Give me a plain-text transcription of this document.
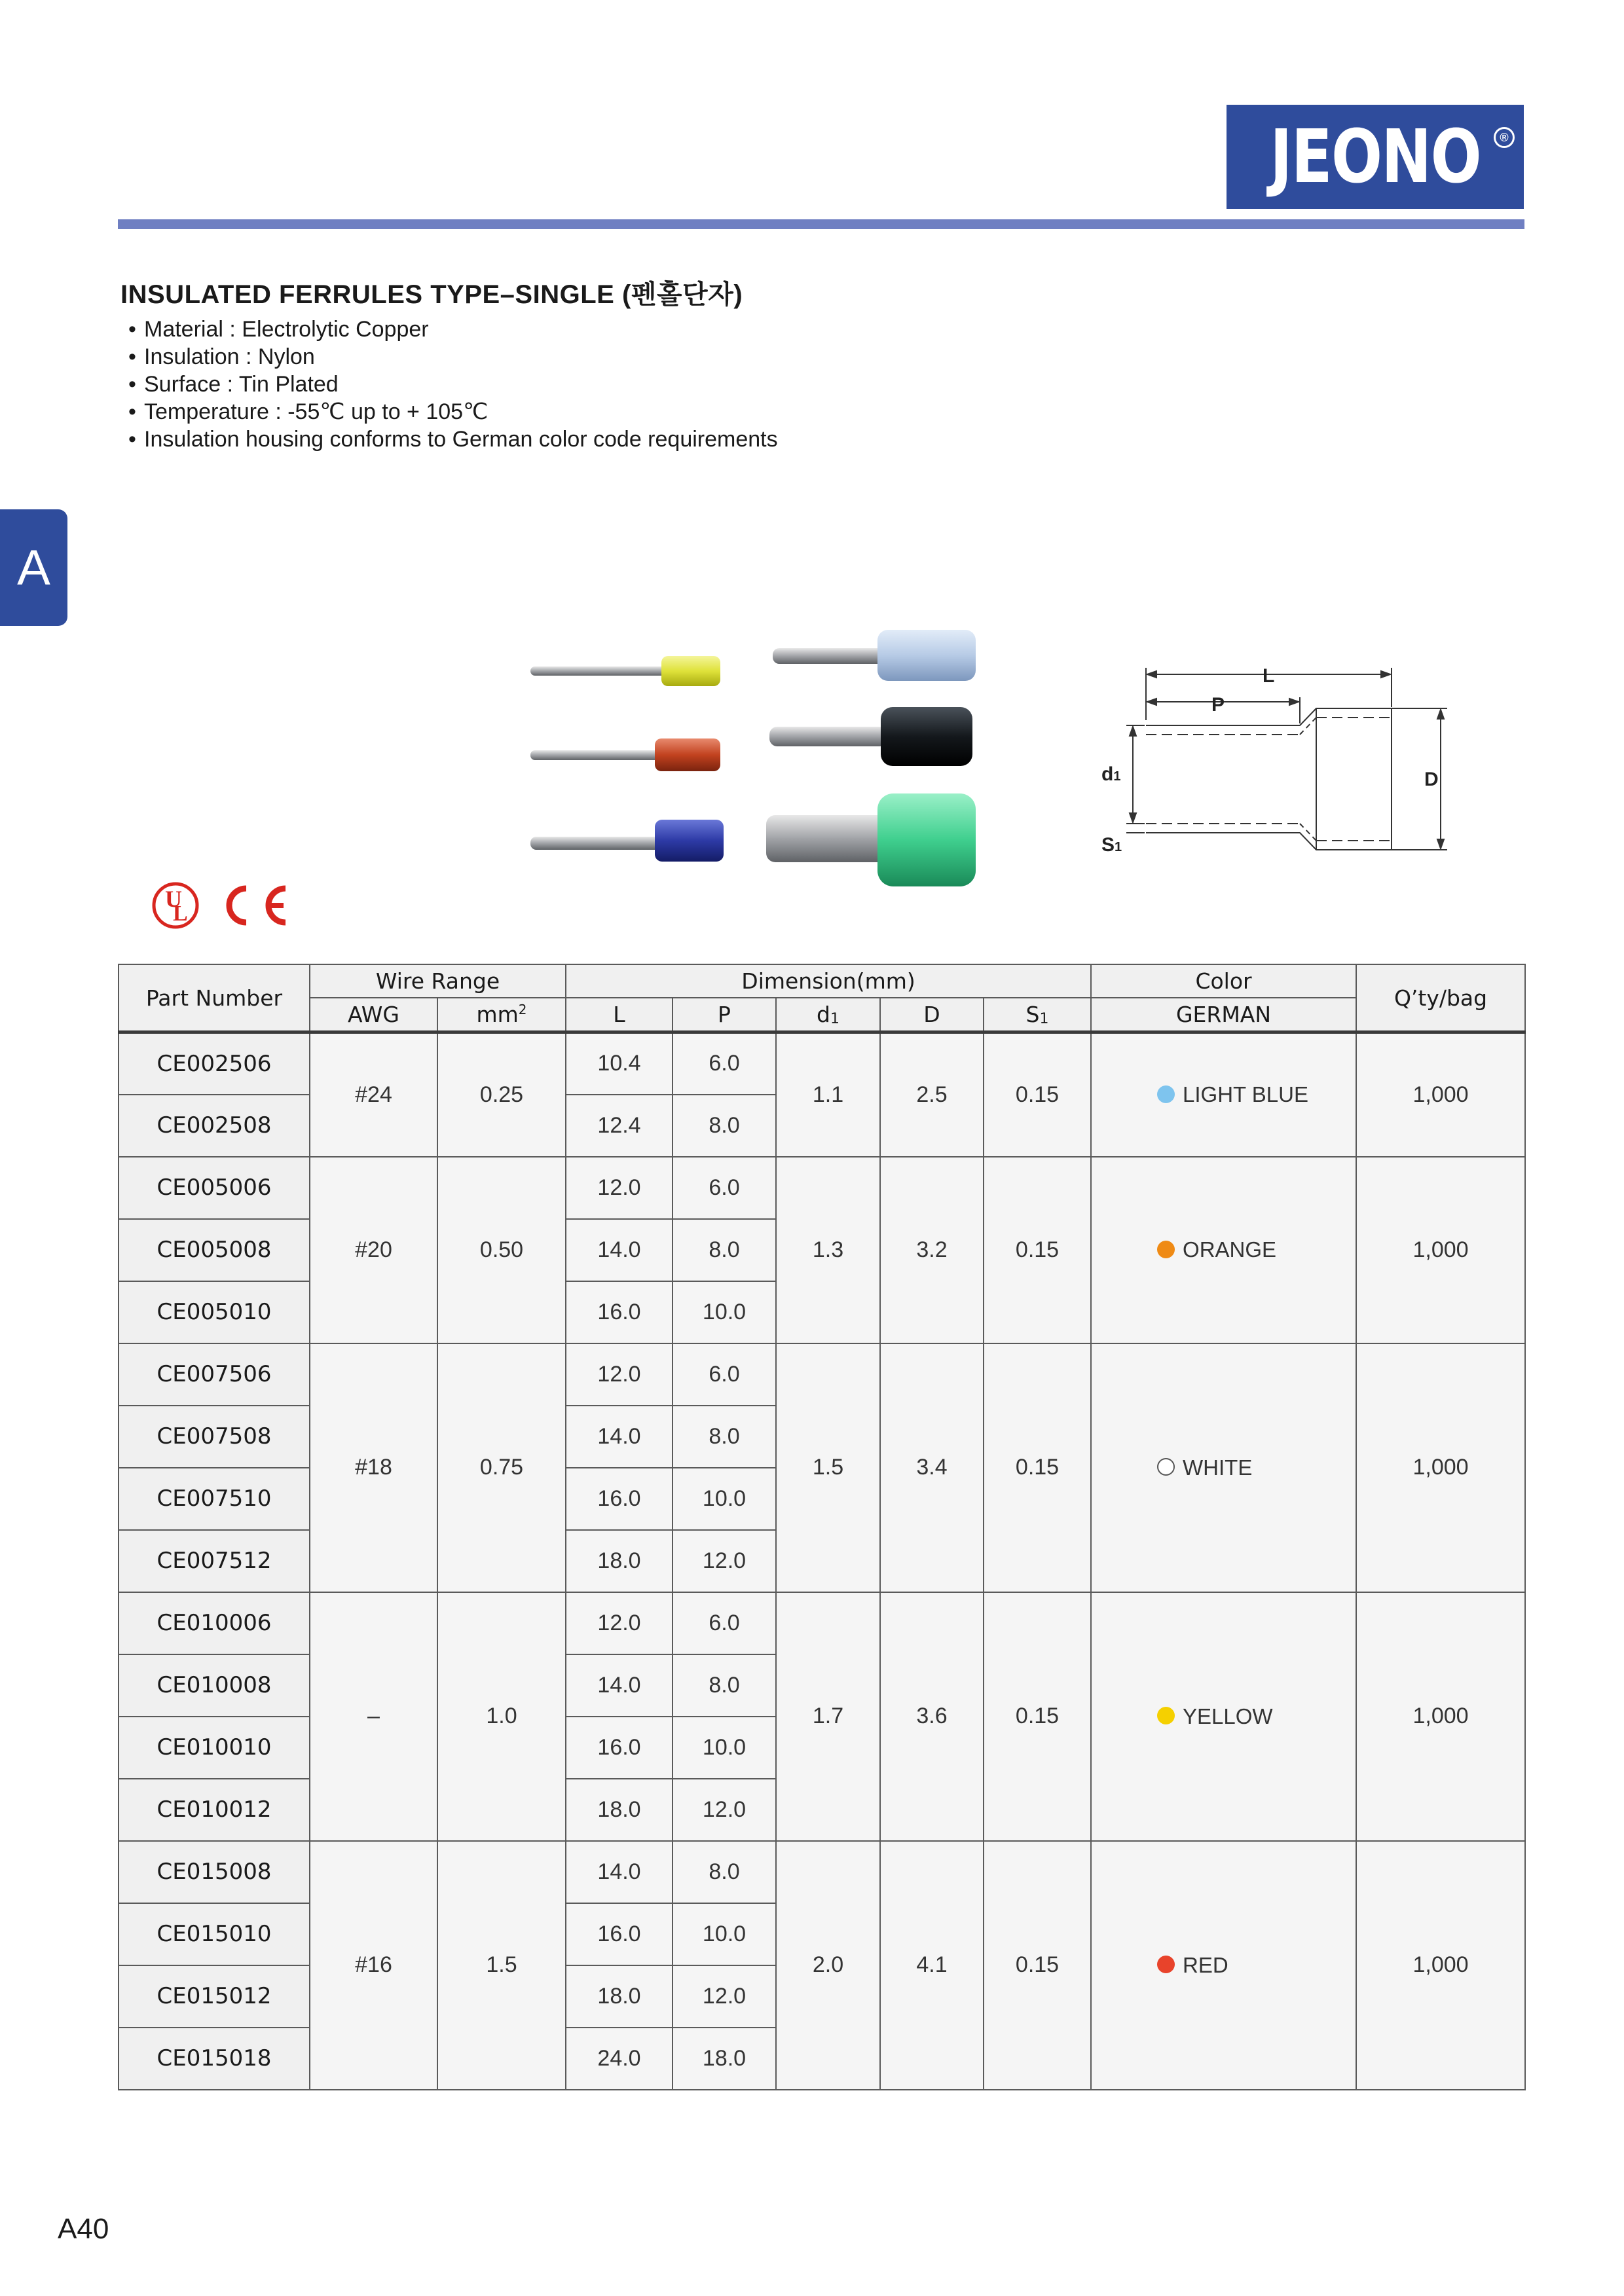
JEONO	®
INSULATED FERRULES TYPE–SINGLE (펜홀단자)
• Material : Electrolytic Copper
• Insulation : Nylon
• Surface : Tin Plated
• Temperature : -55℃ up to + 105℃
• Insulation housing conforms to German color code requirements
A
L
P
D
d1
S1
U
L
Part Number	Wire Range		Dimension(mm)					Color	Q’ty/bag
	AWG	$mm^2$	L	P	$d_1$	D	$S_1$	GERMAN	
CE002506	#24	0.25	10.4	6.0	1.1	2.5	0.15	LIGHT BLUE	1,000
CE002508			12.4	8.0					
CE005006	#20	0.50	12.0	6.0	1.3	3.2	0.15	ORANGE	1,000
CE005008			14.0	8.0					
CE005010			16.0	10.0					
CE007506	#18	0.75	12.0	6.0	1.5	3.4	0.15	WHITE	1,000
CE007508			14.0	8.0					
CE007510			16.0	10.0					
CE007512			18.0	12.0					
CE010006	–	1.0	12.0	6.0	1.7	3.6	0.15	YELLOW	1,000
CE010008			14.0	8.0					
CE010010			16.0	10.0					
CE010012			18.0	12.0					
CE015008	#16	1.5	14.0	8.0	2.0	4.1	0.15	RED	1,000
CE015010			16.0	10.0					
CE015012			18.0	12.0					
CE015018			24.0	18.0					
A40
